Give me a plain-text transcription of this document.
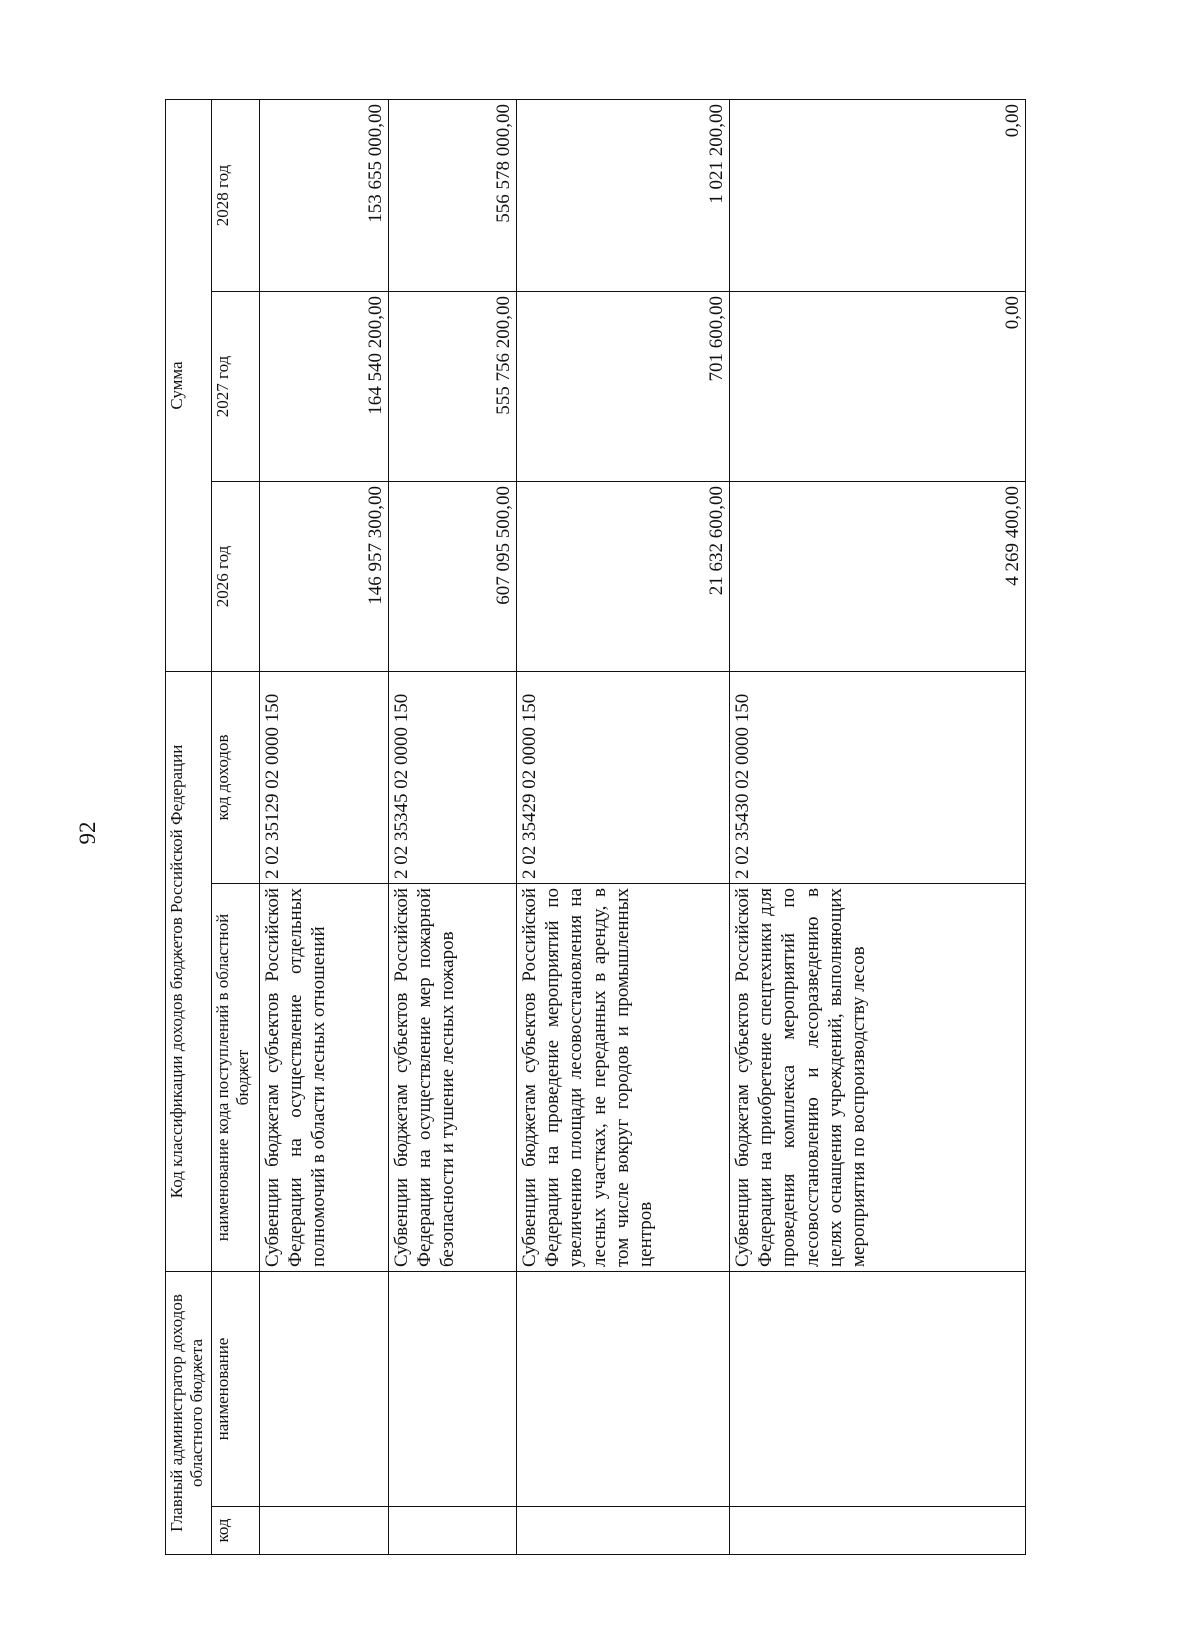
92
Главный администратор доходов областного бюджета		Код классификации доходов бюджетов Российской Федерации		Сумма		
код	наименование	наименование кода поступлений в областной бюджет	код доходов	2026 год	2027 год	2028 год
		Субвенции бюджетам субъектов Российской Федерации на осуществление отдельных полномочий в области лесных отношений	2 02 35129 02 0000 150	146 957 300,00	164 540 200,00	153 655 000,00
		Субвенции бюджетам субъектов Российской Федерации на осуществление мер пожарной безопасности и тушение лесных пожаров	2 02 35345 02 0000 150	607 095 500,00	555 756 200,00	556 578 000,00
		Субвенции бюджетам субъектов Российской Федерации на проведение мероприятий по увеличению площади лесовосстановления на лесных участках, не переданных в аренду, в том числе вокруг городов и промышленных центров	2 02 35429 02 0000 150	21 632 600,00	701 600,00	1 021 200,00
		Субвенции бюджетам субъектов Российской Федерации на приобретение спецтехники для проведения комплекса мероприятий по лесовосстановлению и лесоразведению в целях оснащения учреждений, выполняющих мероприятия по воспроизводству лесов	2 02 35430 02 0000 150	4 269 400,00	0,00	0,00
